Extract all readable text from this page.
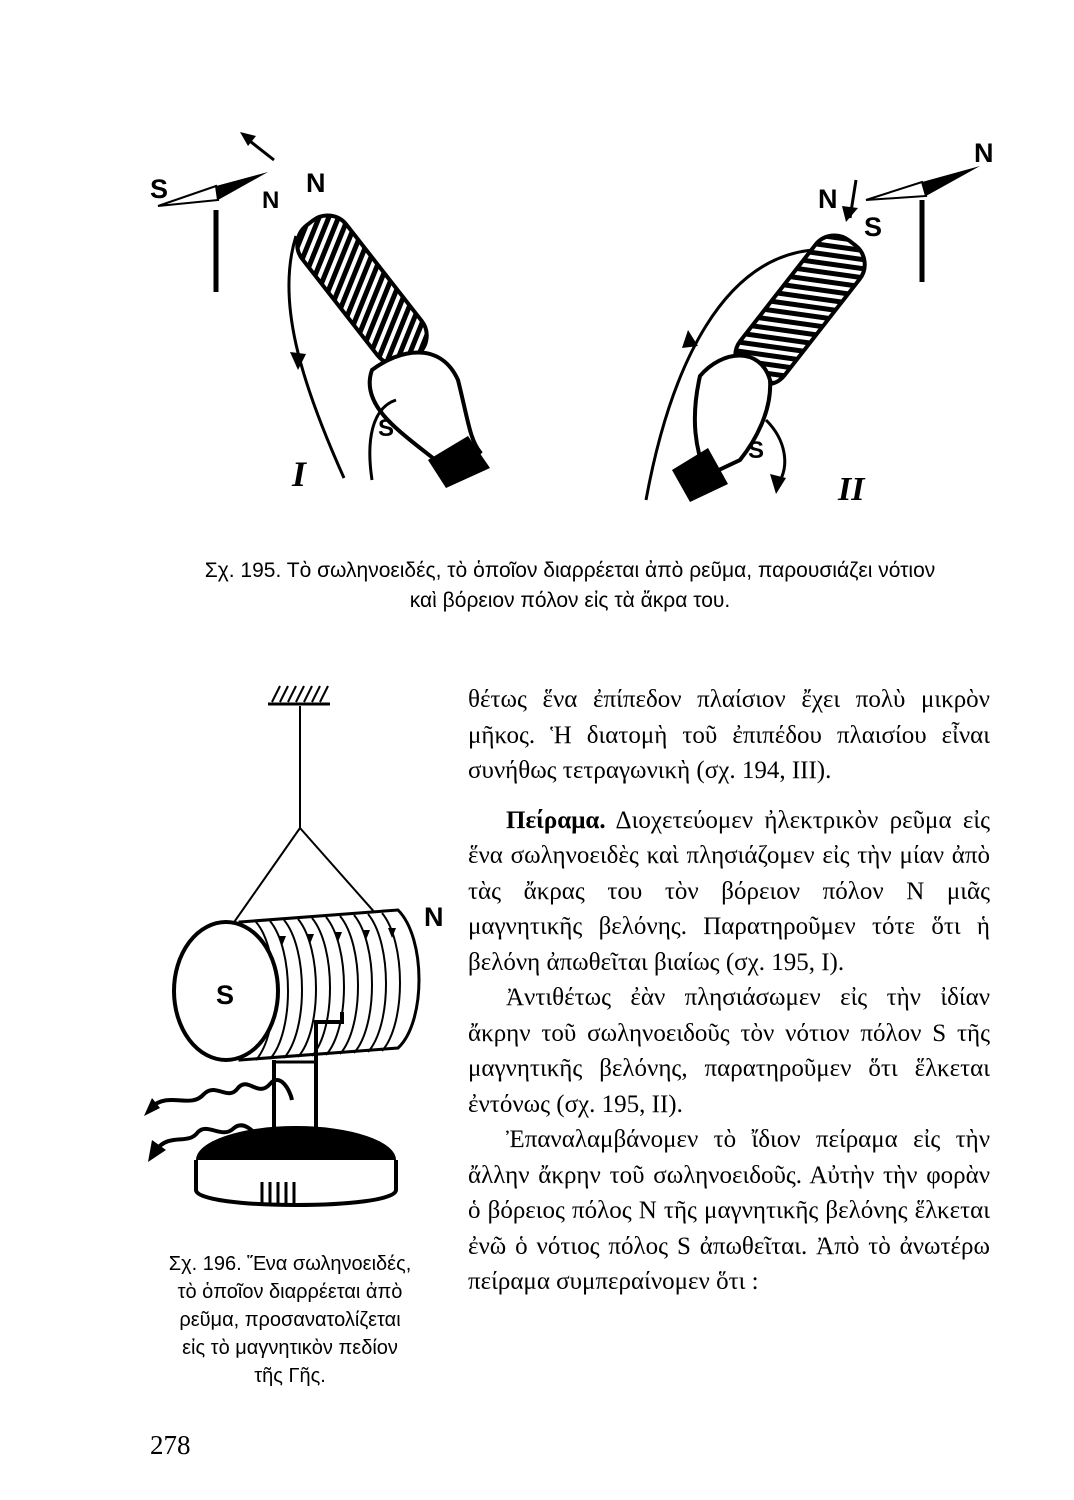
S	N
N
S
I
N
S
N
S
II
Σχ. 195. Τὸ σωληνοειδές, τὸ ὁποῖον διαρρέεται ἀπὸ ρεῦμα, παρουσιάζει νότιον
καὶ βόρειον πόλον εἰς τὰ ἄκρα του.
S
N
Σχ. 196. Ἕνα σωληνοειδές,
τὸ ὁποῖον διαρρέεται ἀπὸ
ρεῦμα, προσανατολίζεται
εἰς τὸ μαγνητικὸν πεδίον
τῆς Γῆς.

θέτως ἕνα ἐπίπεδον πλαίσιον ἔχει πολὺ μικρὸν μῆκος. Ἡ διατομὴ τοῦ ἐπιπέδου πλαισίου εἶναι συνήθως τετραγωνικὴ (σχ. 194, ΙΙΙ).

Πείραμα. Διοχετεύομεν ἠλεκτρικὸν ρεῦμα εἰς ἕνα σωληνοειδὲς καὶ πλησιάζομεν εἰς τὴν μίαν ἀπὸ τὰς ἄκρας του τὸν βόρειον πόλον Ν μιᾶς μαγνητικῆς βελόνης. Παρατηροῦμεν τότε ὅτι ἡ βελόνη ἀπωθεῖται βιαίως (σχ. 195, Ι).

Ἀντιθέτως ἐὰν πλησιάσωμεν εἰς τὴν ἰδίαν ἄκρην τοῦ σωληνοειδοῦς τὸν νότιον πόλον S τῆς μαγνητικῆς βελόνης, παρατηροῦμεν ὅτι ἕλκεται ἐντόνως (σχ. 195, ΙΙ).

Ἐπαναλαμβάνομεν τὸ ἴδιον πείραμα εἰς τὴν ἄλλην ἄκρην τοῦ σωληνοειδοῦς. Αὐτὴν τὴν φορὰν ὁ βόρειος πόλος Ν τῆς μαγνητικῆς βελόνης ἕλκεται ἐνῶ ὁ νότιος πόλος S ἀπωθεῖται. Ἀπὸ τὸ ἀνωτέρω πείραμα συμπεραίνομεν ὅτι :

278
